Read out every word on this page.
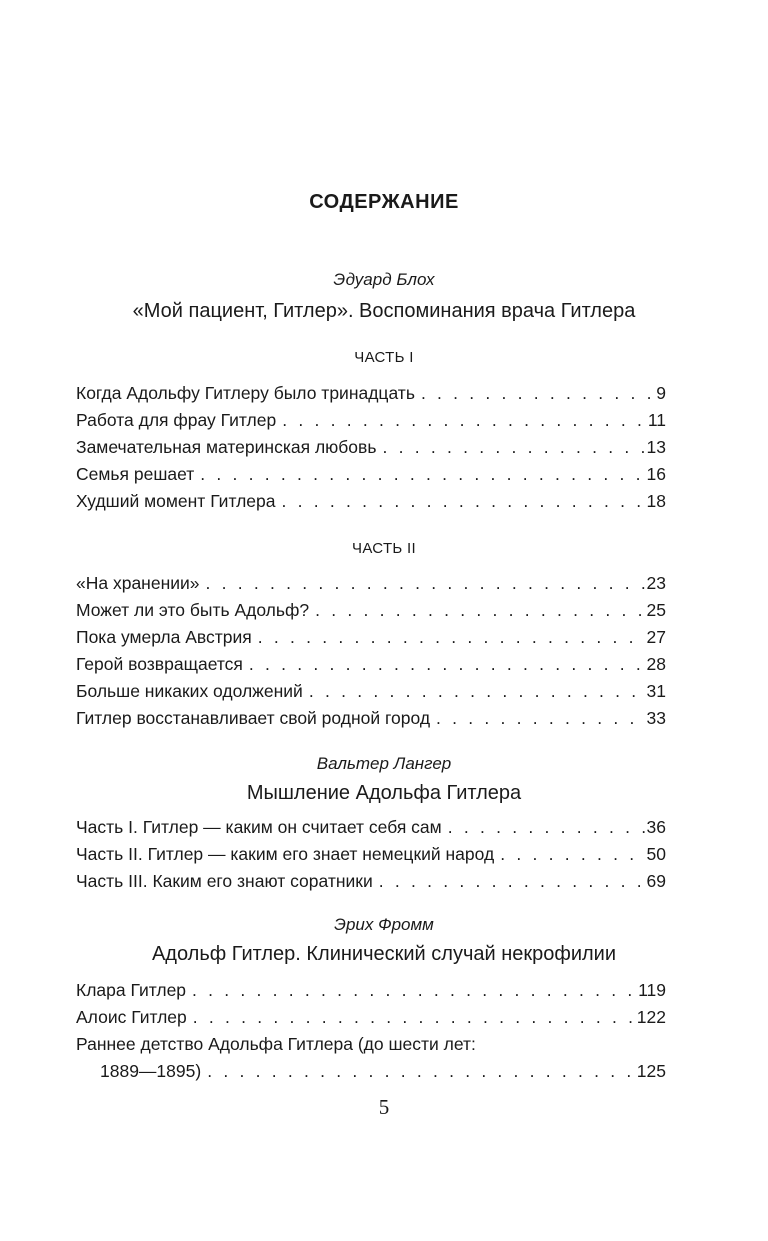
СОДЕРЖАНИЕ
Эдуард Блох
«Мой пациент, Гитлер». Воспоминания врача Гитлера
ЧАСТЬ I
Когда Адольфу Гитлеру было тринадцать . . .	9
Работа для фрау Гитлер . . .	11
Замечательная материнская любовь . . .	13
Семья решает . . .	16
Худший момент Гитлера . . .	18
ЧАСТЬ II
«На хранении» . . .	23
Может ли это быть Адольф? . . .	25
Пока умерла Австрия . . .	27
Герой возвращается . . .	28
Больше никаких одолжений . . .	31
Гитлер восстанавливает свой родной город . . .	33
Вальтер Лангер
Мышление Адольфа Гитлера
Часть I. Гитлер — каким он считает себя сам . . .	36
Часть II. Гитлер — каким его знает немецкий народ . . .	50
Часть III. Каким его знают соратники . . .	69
Эрих Фромм
Адольф Гитлер. Клинический случай некрофилии
Клара Гитлер . . .	119
Алоис Гитлер . . .	122
Раннее детство Адольфа Гитлера (до шести лет:
1889—1895) . . .	125
5
